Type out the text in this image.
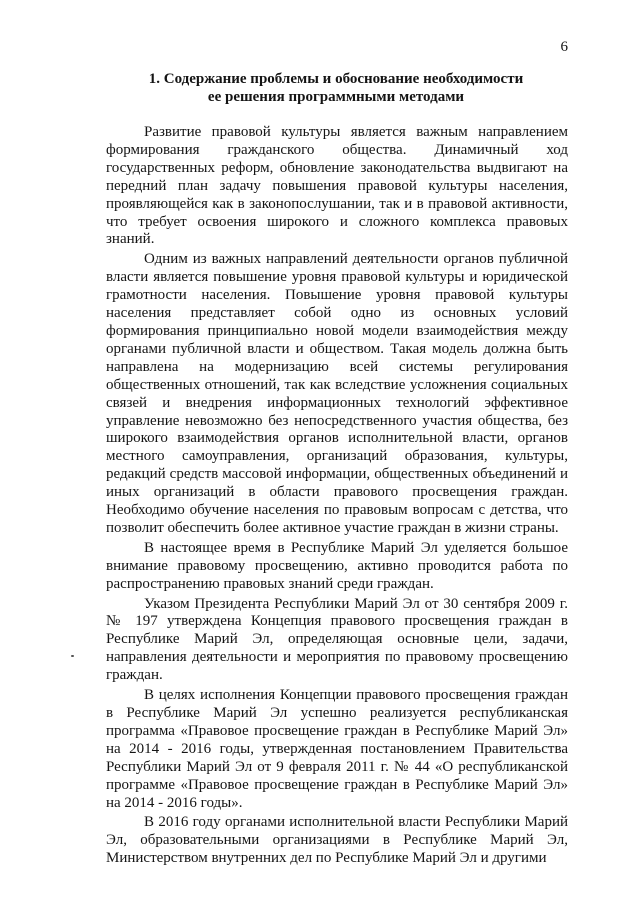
6
1. Содержание проблемы и обоснование необходимости
ее решения программными методами

Развитие правовой культуры является важным направлением формирования гражданского общества. Динамичный ход государственных реформ, обновление законодательства выдвигают на передний план задачу повышения правовой культуры населения, проявляющейся как в законопослушании, так и в правовой активности, что требует освоения широкого и сложного комплекса правовых знаний.

Одним из важных направлений деятельности органов публичной власти является повышение уровня правовой культуры и юридической грамотности населения. Повышение уровня правовой культуры населения представляет собой одно из основных условий формирования принципиально новой модели взаимодействия между органами публичной власти и обществом. Такая модель должна быть направлена на модернизацию всей системы регулирования общественных отношений, так как вследствие усложнения социальных связей и внедрения информационных технологий эффективное управление невозможно без непосредственного участия общества, без широкого взаимодействия органов исполнительной власти, органов местного самоуправления, организаций образования, культуры, редакций средств массовой информации, общественных объединений и иных организаций в области правового просвещения граждан. Необходимо обучение населения по правовым вопросам с детства, что позволит обеспечить более активное участие граждан в жизни страны.

В настоящее время в Республике Марий Эл уделяется большое внимание правовому просвещению, активно проводится работа по распространению правовых знаний среди граждан.

Указом Президента Республики Марий Эл от 30 сентября 2009 г. № 197 утверждена Концепция правового просвещения граждан в Республике Марий Эл, определяющая основные цели, задачи, направления деятельности и мероприятия по правовому просвещению граждан.

В целях исполнения Концепции правового просвещения граждан в Республике Марий Эл успешно реализуется республиканская программа «Правовое просвещение граждан в Республике Марий Эл» на 2014 - 2016 годы, утвержденная постановлением Правительства Республики Марий Эл от 9 февраля 2011 г. № 44 «О республиканской программе «Правовое просвещение граждан в Республике Марий Эл» на 2014 - 2016 годы».

В 2016 году органами исполнительной власти Республики Марий Эл, образовательными организациями в Республике Марий Эл, Министерством внутренних дел по Республике Марий Эл и другими
